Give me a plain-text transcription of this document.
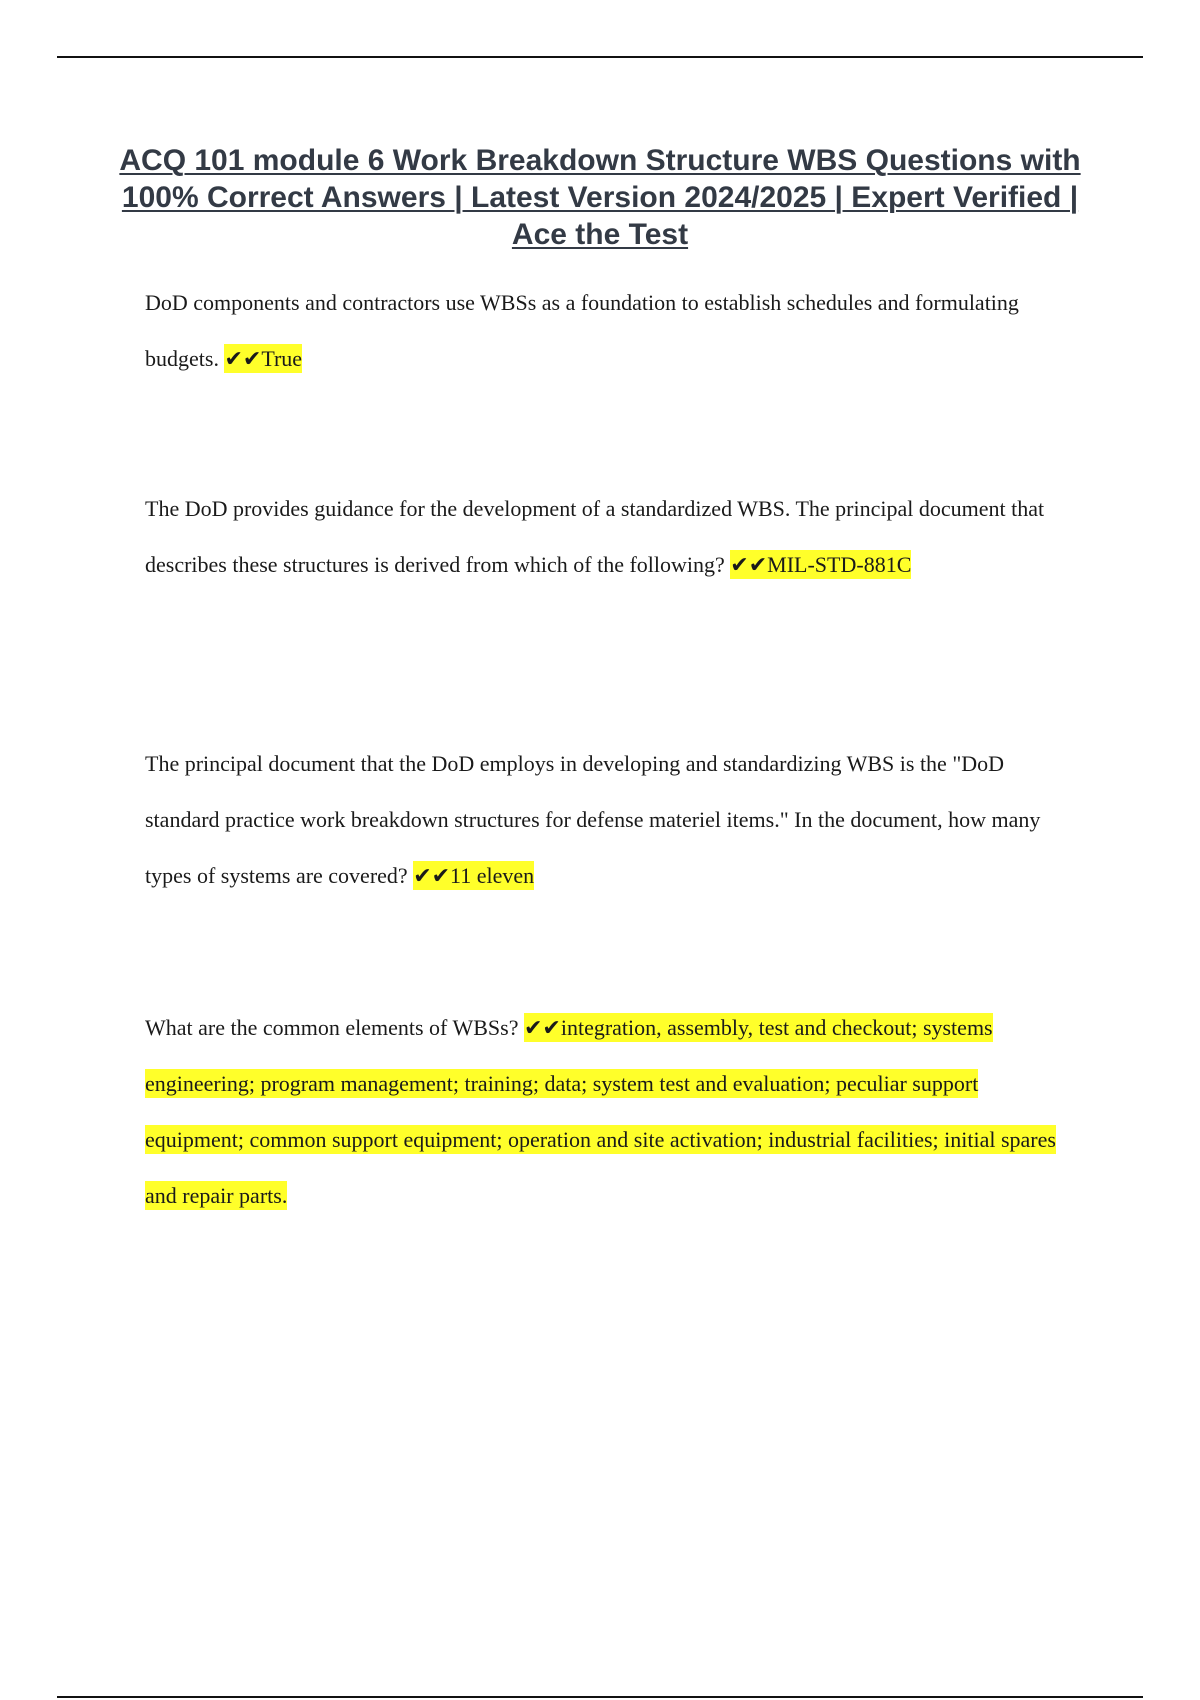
ACQ 101 module 6 Work Breakdown Structure WBS Questions with 100% Correct Answers | Latest Version 2024/2025 | Expert Verified | Ace the Test

DoD components and contractors use WBSs as a foundation to establish schedules and formulating budgets. ✔✔True

The DoD provides guidance for the development of a standardized WBS. The principal document that describes these structures is derived from which of the following? ✔✔MIL-STD-881C

The principal document that the DoD employs in developing and standardizing WBS is the "DoD standard practice work breakdown structures for defense materiel items." In the document, how many types of systems are covered? ✔✔11 eleven

What are the common elements of WBSs? ✔✔integration, assembly, test and checkout; systems engineering; program management; training; data; system test and evaluation; peculiar support equipment; common support equipment; operation and site activation; industrial facilities; initial spares and repair parts.
